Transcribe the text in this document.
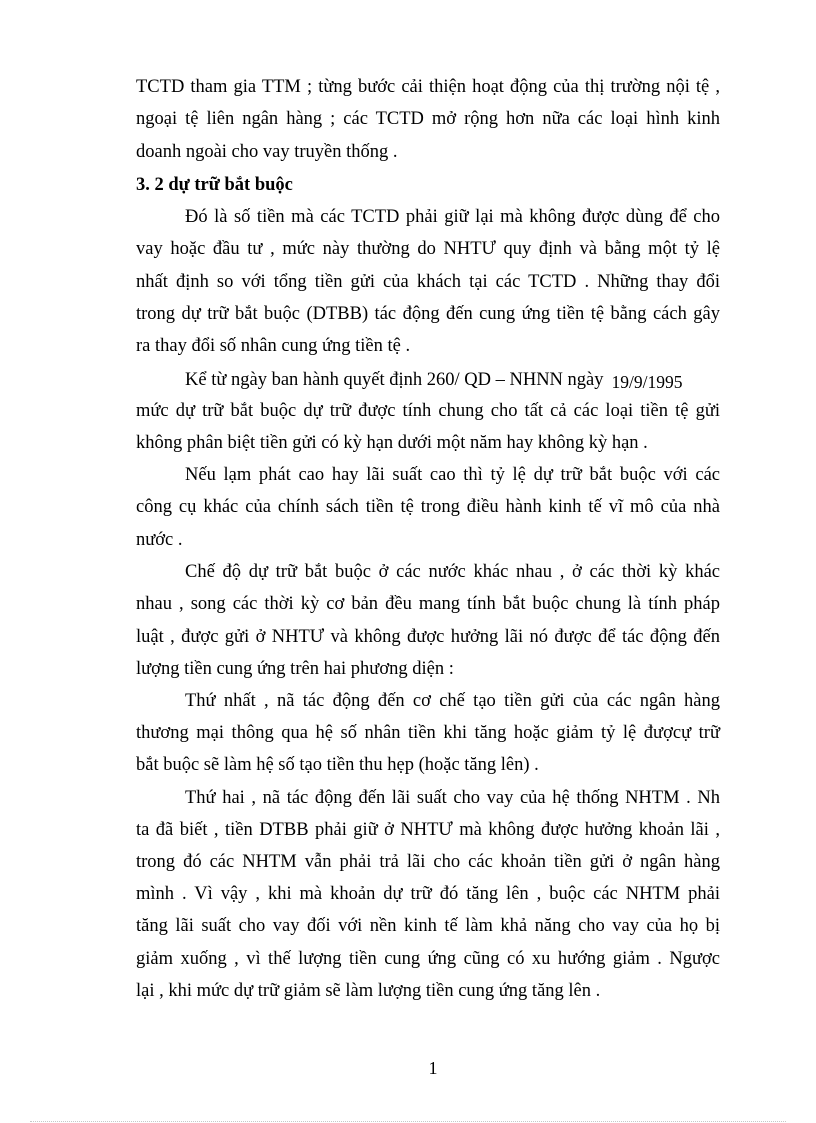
TCTD tham gia TTM ; từng bước cải thiện hoạt động của thị trường nội tệ ,
ngoại tệ liên ngân hàng ; các TCTD mở rộng hơn nữa các loại hình kinh
doanh ngoài cho vay truyền thống .
3. 2 dự trữ bắt buộc
Đó là số tiền mà các TCTD phải giữ lại mà không được dùng để cho
vay hoặc đầu tư , mức này thường do NHTƯ quy định và bằng một tỷ lệ
nhất định so với tổng tiền gửi của khách tại các TCTD . Những thay đổi
trong dự trữ bắt buộc (DTBB) tác động đến cung ứng tiền tệ bằng cách gây
ra thay đổi số nhân cung ứng tiền tệ .
Kể từ ngày ban hành quyết định 260/ QD – NHNN ngày 19/9/1995
mức dự trữ bắt buộc dự trữ được tính chung cho tất cả các loại tiền tệ gửi
không phân biệt tiền gửi có kỳ hạn dưới một năm hay không kỳ hạn .
Nếu lạm phát cao hay lãi suất cao thì tỷ lệ dự trữ bắt buộc với các
công cụ khác của chính sách tiền tệ trong điều hành kinh tế vĩ mô của nhà
nước .
Chế độ dự trữ bắt buộc ở các nước khác nhau , ở các thời kỳ khác
nhau , song các thời kỳ cơ bản đều mang tính bắt buộc chung là tính pháp
luật , được gửi ở NHTƯ và không được hưởng lãi nó được để tác động đến
lượng tiền cung ứng trên hai phương diện :
Thứ nhất , nã tác động đến cơ chế tạo tiền gửi của các ngân hàng
thương mại thông qua hệ số nhân tiền khi tăng hoặc giảm tỷ lệ đượcự trữ
bắt buộc sẽ làm hệ số tạo tiền thu hẹp (hoặc tăng lên) .
Thứ hai , nã tác động đến lãi suất cho vay của hệ thống NHTM . Nh
ta đã biết , tiền DTBB phải giữ ở NHTƯ mà không được hưởng khoản lãi ,
trong đó các NHTM vẫn phải trả lãi cho các khoản tiền gửi ở ngân hàng
mình . Vì vậy , khi mà khoản dự trữ đó tăng lên , buộc các NHTM phải
tăng lãi suất cho vay đối với nền kinh tế làm khả năng cho vay của họ bị
giảm xuống , vì thế lượng tiền cung ứng cũng có xu hướng giảm . Ngược
lại , khi mức dự trữ giảm sẽ làm lượng tiền cung ứng tăng lên .
1
